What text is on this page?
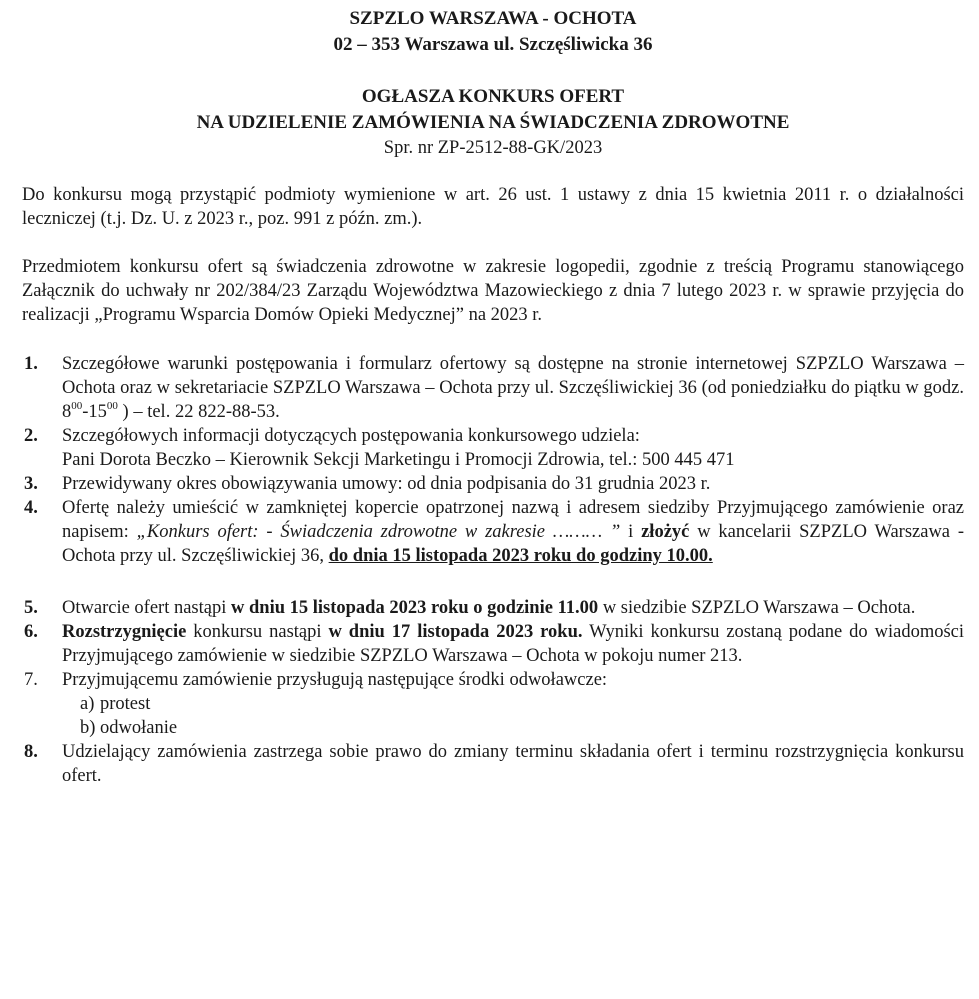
SZPZLO WARSZAWA - OCHOTA
02 – 353 Warszawa ul. Szczęśliwicka 36
OGŁASZA KONKURS OFERT
NA UDZIELENIE ZAMÓWIENIA NA ŚWIADCZENIA ZDROWOTNE
Spr. nr ZP-2512-88-GK/2023

Do konkursu mogą przystąpić podmioty wymienione w art. 26 ust. 1 ustawy z dnia 15 kwietnia 2011 r. o działalności leczniczej (t.j. Dz. U. z 2023 r., poz. 991 z późn. zm.).

Przedmiotem konkursu ofert są świadczenia zdrowotne w zakresie logopedii, zgodnie z treścią Programu stanowiącego Załącznik do uchwały nr 202/384/23 Zarządu Województwa Mazowieckiego z dnia 7 lutego 2023 r. w sprawie przyjęcia do realizacji „Programu Wsparcia Domów Opieki Medycznej” na 2023 r.

1. Szczegółowe warunki postępowania i formularz ofertowy są dostępne na stronie internetowej SZPZLO Warszawa – Ochota oraz w sekretariacie SZPZLO Warszawa – Ochota przy ul. Szczęśliwickiej 36 (od poniedziałku do piątku w godz. $8^{00}-15^{00}$ ) – tel. 22 822-88-53.
2. Szczegółowych informacji dotyczących postępowania konkursowego udziela:
Pani Dorota Beczko – Kierownik Sekcji Marketingu i Promocji Zdrowia, tel.: 500 445 471
3. Przewidywany okres obowiązywania umowy: od dnia podpisania do 31 grudnia 2023 r.
4. Ofertę należy umieścić w zamkniętej kopercie opatrzonej nazwą i adresem siedziby Przyjmującego zamówienie oraz napisem: „Konkurs ofert: - Świadczenia zdrowotne w zakresie ……… ” i złożyć w kancelarii SZPZLO Warszawa - Ochota przy ul. Szczęśliwickiej 36, do dnia 15 listopada 2023 roku do godziny 10.00.
5. Otwarcie ofert nastąpi w dniu 15 listopada 2023 roku o godzinie 11.00 w siedzibie SZPZLO Warszawa – Ochota.
6. Rozstrzygnięcie konkursu nastąpi w dniu 17 listopada 2023 roku. Wyniki konkursu zostaną podane do wiadomości Przyjmującego zamówienie w siedzibie SZPZLO Warszawa – Ochota w pokoju numer 213.
7. Przyjmującemu zamówienie przysługują następujące środki odwoławcze:
a) protest
b) odwołanie
8. Udzielający zamówienia zastrzega sobie prawo do zmiany terminu składania ofert i terminu rozstrzygnięcia konkursu ofert.
